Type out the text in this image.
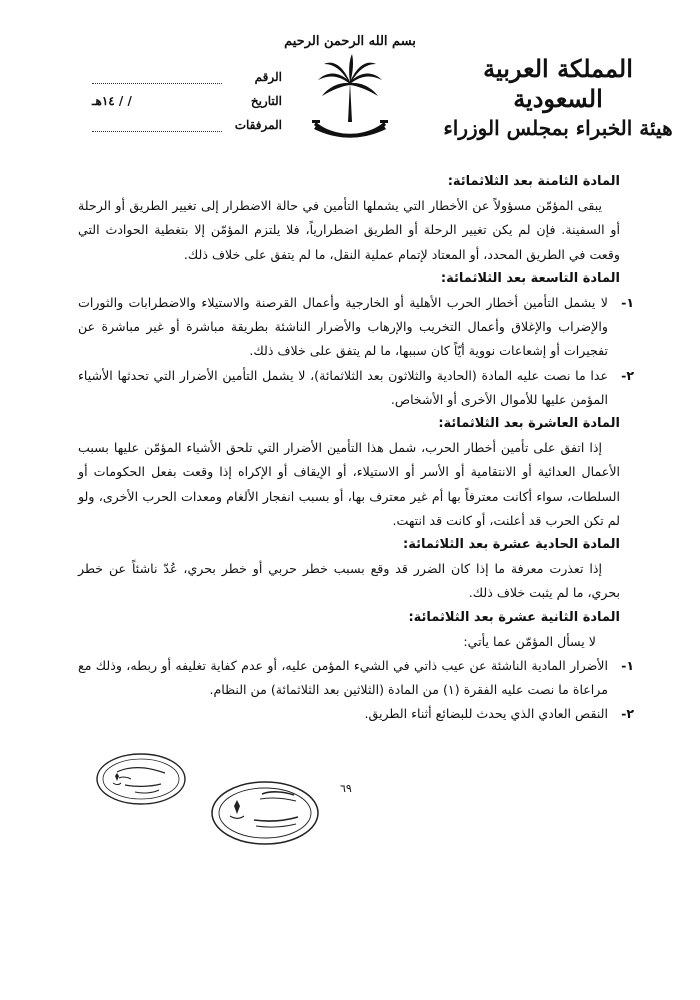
بسم الله الرحمن الرحيم
المملكة العربية السعودية
هيئة الخبراء بمجلس الوزراء
الرقم
التاريخ
/ / ١٤هـ
المرفقات

المادة الثامنة بعد الثلاثمائة:

يبقى المؤمّن مسؤولاً عن الأخطار التي يشملها التأمين في حالة الاضطرار إلى تغيير الطريق أو الرحلة أو السفينة. فإن لم يكن تغيير الرحلة أو الطريق اضطرارياً، فلا يلتزم المؤمّن إلا بتغطية الحوادث التي وقعت في الطريق المحدد، أو المعتاد لإتمام عملية النقل، ما لم يتفق على خلاف ذلك.

المادة التاسعة بعد الثلاثمائة:

١-
لا يشمل التأمين أخطار الحرب الأهلية أو الخارجية وأعمال القرصنة والاستيلاء والاضطرابات والثورات والإضراب والإغلاق وأعمال التخريب والإرهاب والأضرار الناشئة بطريقة مباشرة أو غير مباشرة عن تفجيرات أو إشعاعات نووية أيّاً كان سببها، ما لم يتفق على خلاف ذلك.
٢-
عدا ما نصت عليه المادة (الحادية والثلاثون بعد الثلاثمائة)، لا يشمل التأمين الأضرار التي تحدثها الأشياء المؤمن عليها للأموال الأخرى أو الأشخاص.

المادة العاشرة بعد الثلاثمائة:

إذا اتفق على تأمين أخطار الحرب، شمل هذا التأمين الأضرار التي تلحق الأشياء المؤمّن عليها بسبب الأعمال العدائية أو الانتقامية أو الأسر أو الاستيلاء، أو الإيقاف أو الإكراه إذا وقعت بفعل الحكومات أو السلطات، سواء أكانت معترفاً بها أم غير معترف بها، أو بسبب انفجار الألغام ومعدات الحرب الأخرى، ولو لم تكن الحرب قد أعلنت، أو كانت قد انتهت.

المادة الحادية عشرة بعد الثلاثمائة:

إذا تعذرت معرفة ما إذا كان الضرر قد وقع بسبب خطر حربي أو خطر بحري، عُدّ ناشئاً عن خطر بحري، ما لم يثبت خلاف ذلك.

المادة الثانية عشرة بعد الثلاثمائة:

لا يسأل المؤمّن عما يأتي:

١-
الأضرار المادية الناشئة عن عيب ذاتي في الشيء المؤمن عليه، أو عدم كفاية تغليفه أو ربطه، وذلك مع مراعاة ما نصت عليه الفقرة (١) من المادة (الثلاثين بعد الثلاثمائة) من النظام.
٢-
النقص العادي الذي يحدث للبضائع أثناء الطريق.
٦٩
